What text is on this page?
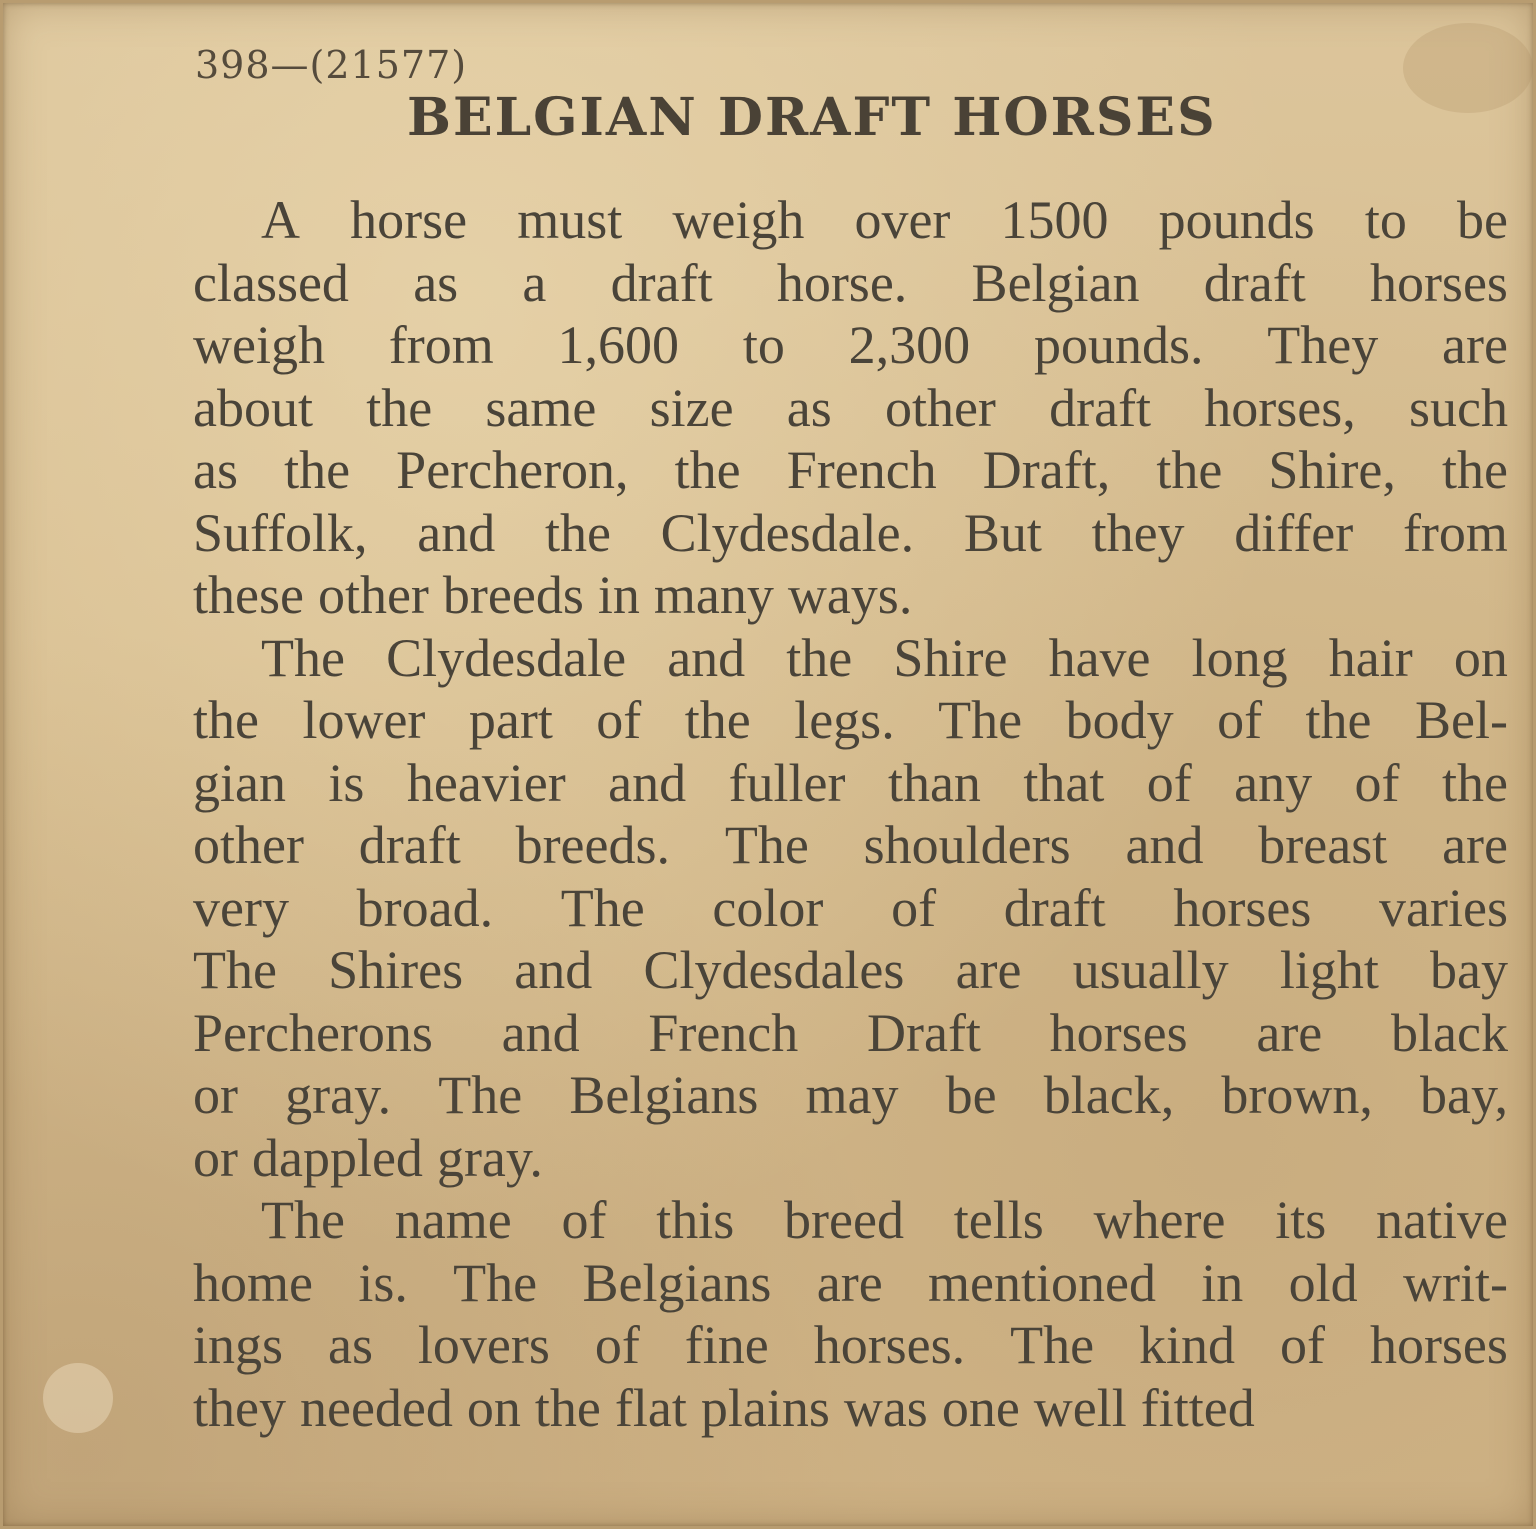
398—(21577)
BELGIAN DRAFT HORSES
A horse must weigh over 1500 pounds to be
classed as a draft horse. Belgian draft horses
weigh from 1,600 to 2,300 pounds. They are
about the same size as other draft horses, such
as the Percheron, the French Draft, the Shire, the
Suffolk, and the Clydesdale. But they differ from
these other breeds in many ways.
The Clydesdale and the Shire have long hair on
the lower part of the legs. The body of the Bel-
gian is heavier and fuller than that of any of the
other draft breeds. The shoulders and breast are
very broad. The color of draft horses varies
The Shires and Clydesdales are usually light bay
Percherons and French Draft horses are black
or gray. The Belgians may be black, brown, bay,
or dappled gray.
The name of this breed tells where its native
home is. The Belgians are mentioned in old writ-
ings as lovers of fine horses. The kind of horses
they needed on the flat plains was one well fitted
